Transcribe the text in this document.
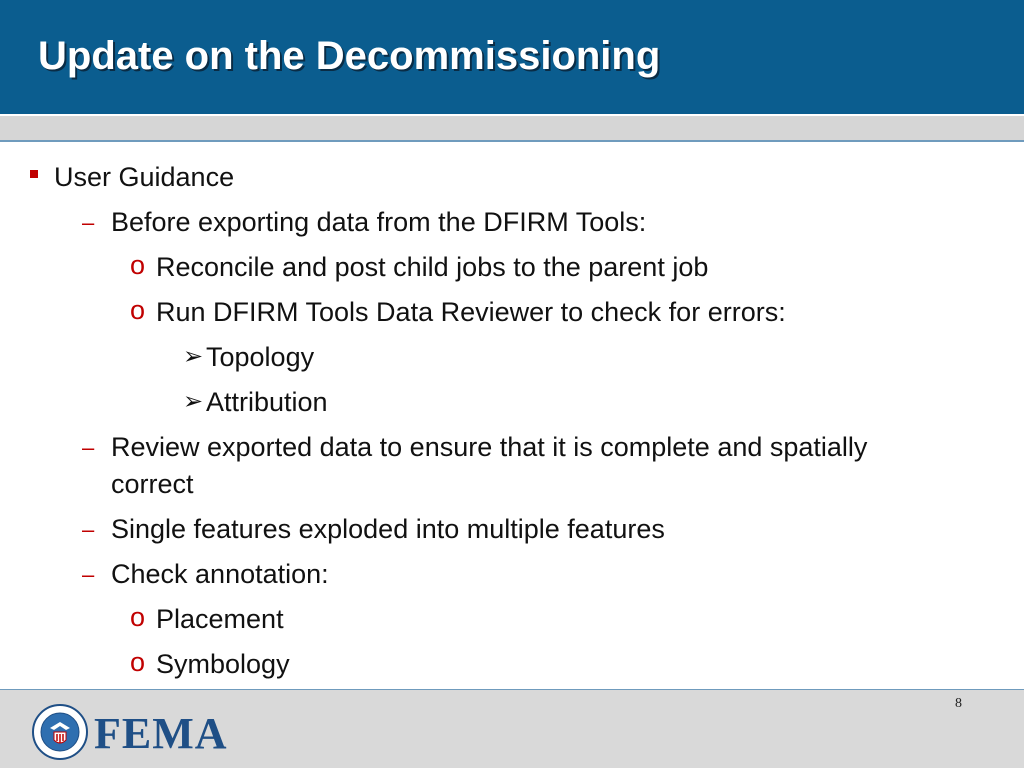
Update on the Decommissioning
User Guidance
– Before exporting data from the DFIRM Tools:
o Reconcile and post child jobs to the parent job
o Run DFIRM Tools Data Reviewer to check for errors:
➢ Topology
➢ Attribution
– Review exported data to ensure that it is complete and spatially
correct
– Single features exploded into multiple features
– Check annotation:
o Placement
o Symbology
FEMA
8
